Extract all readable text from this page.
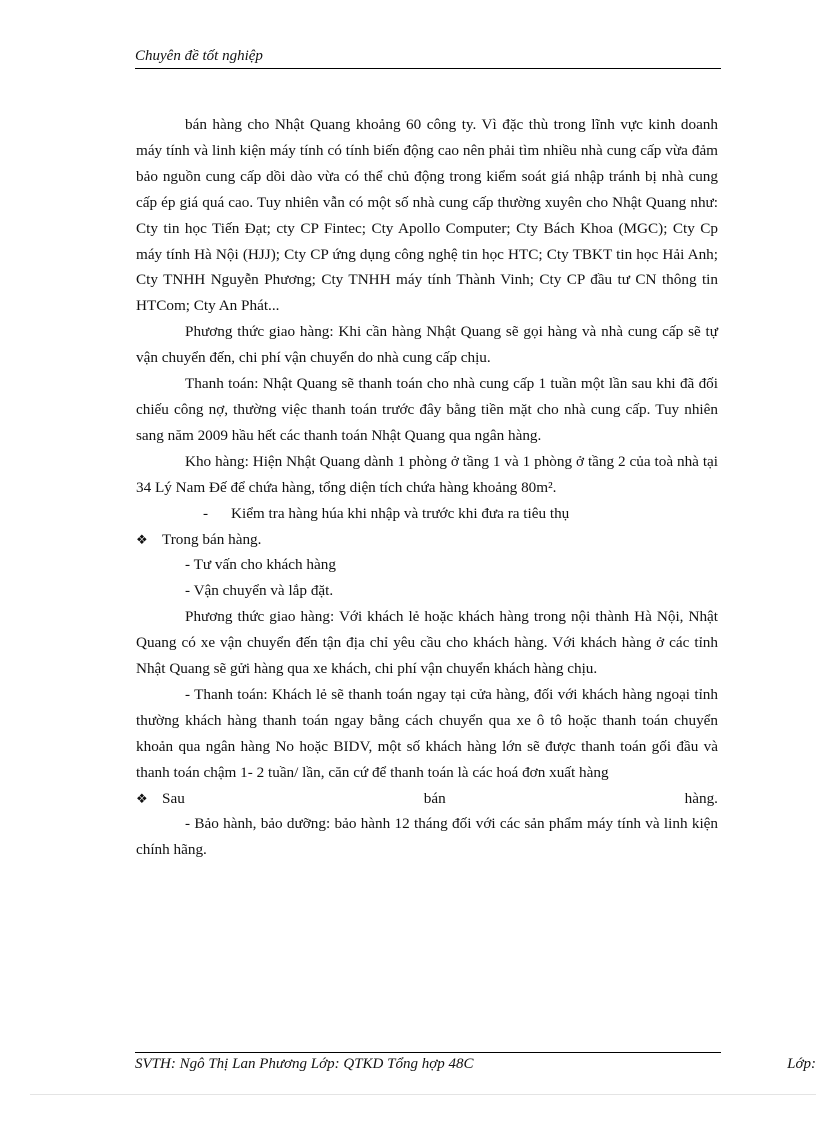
Chuyên đề tốt nghiệp

bán hàng cho Nhật Quang khoảng 60 công ty. Vì đặc thù trong lĩnh vực kinh doanh máy tính và linh kiện máy tính có tính biến động cao nên phải tìm nhiều nhà cung cấp vừa đảm bảo nguồn cung cấp dồi dào vừa có thể chủ động trong kiểm soát giá nhập tránh bị nhà cung cấp ép giá quá cao. Tuy nhiên vẫn có một số nhà cung cấp thường xuyên cho Nhật Quang như: Cty tin học Tiến Đạt; cty CP Fintec; Cty Apollo Computer; Cty Bách Khoa (MGC); Cty Cp máy tính Hà Nội (HJJ); Cty CP ứng dụng công nghệ tin học HTC; Cty TBKT tin học Hải Anh; Cty TNHH Nguyễn Phương; Cty TNHH máy tính Thành Vinh; Cty CP đầu tư CN thông tin HTCom; Cty An Phát...

Phương thức giao hàng: Khi cần hàng Nhật Quang sẽ gọi hàng và nhà cung cấp sẽ tự vận chuyển đến, chi phí vận chuyển do nhà cung cấp chịu.

Thanh toán: Nhật Quang sẽ thanh toán cho nhà cung cấp 1 tuần một lần sau khi đã đối chiếu công nợ, thường việc thanh toán trước đây bằng tiền mặt cho nhà cung cấp. Tuy nhiên sang năm 2009 hầu hết các thanh toán Nhật Quang qua ngân hàng.

Kho hàng: Hiện Nhật Quang dành 1 phòng ở tầng 1 và 1 phòng ở tầng 2 của toà nhà tại 34 Lý Nam Đế để chứa hàng, tổng diện tích chứa hàng khoảng 80m².

- Kiểm tra hàng húa khi nhập và trước khi đưa ra tiêu thụ

❖ Trong bán hàng.

- Tư vấn cho khách hàng

- Vận chuyển và lắp đặt.

Phương thức giao hàng: Với khách lẻ hoặc khách hàng trong nội thành Hà Nội, Nhật Quang có xe vận chuyển đến tận địa chỉ yêu cầu cho khách hàng. Với khách hàng ở các tỉnh Nhật Quang sẽ gửi hàng qua xe khách, chi phí vận chuyển khách hàng chịu.

- Thanh toán: Khách lẻ sẽ thanh toán ngay tại cửa hàng, đối với khách hàng ngoại tỉnh thường khách hàng thanh toán ngay bằng cách chuyển qua xe ô tô hoặc thanh toán chuyển khoản qua ngân hàng No hoặc BIDV, một số khách hàng lớn sẽ được thanh toán gối đầu và thanh toán chậm 1- 2 tuần/ lần, căn cứ để thanh toán là các hoá đơn xuất hàng

❖ Sau	bán	hàng.

- Bảo hành, bảo dưỡng: bảo hành 12 tháng đối với các sản phẩm máy tính và linh kiện chính hãng.

SVTH: Ngô Thị Lan Phương Lớp: QTKD Tổng hợp 48C	Lớp:
